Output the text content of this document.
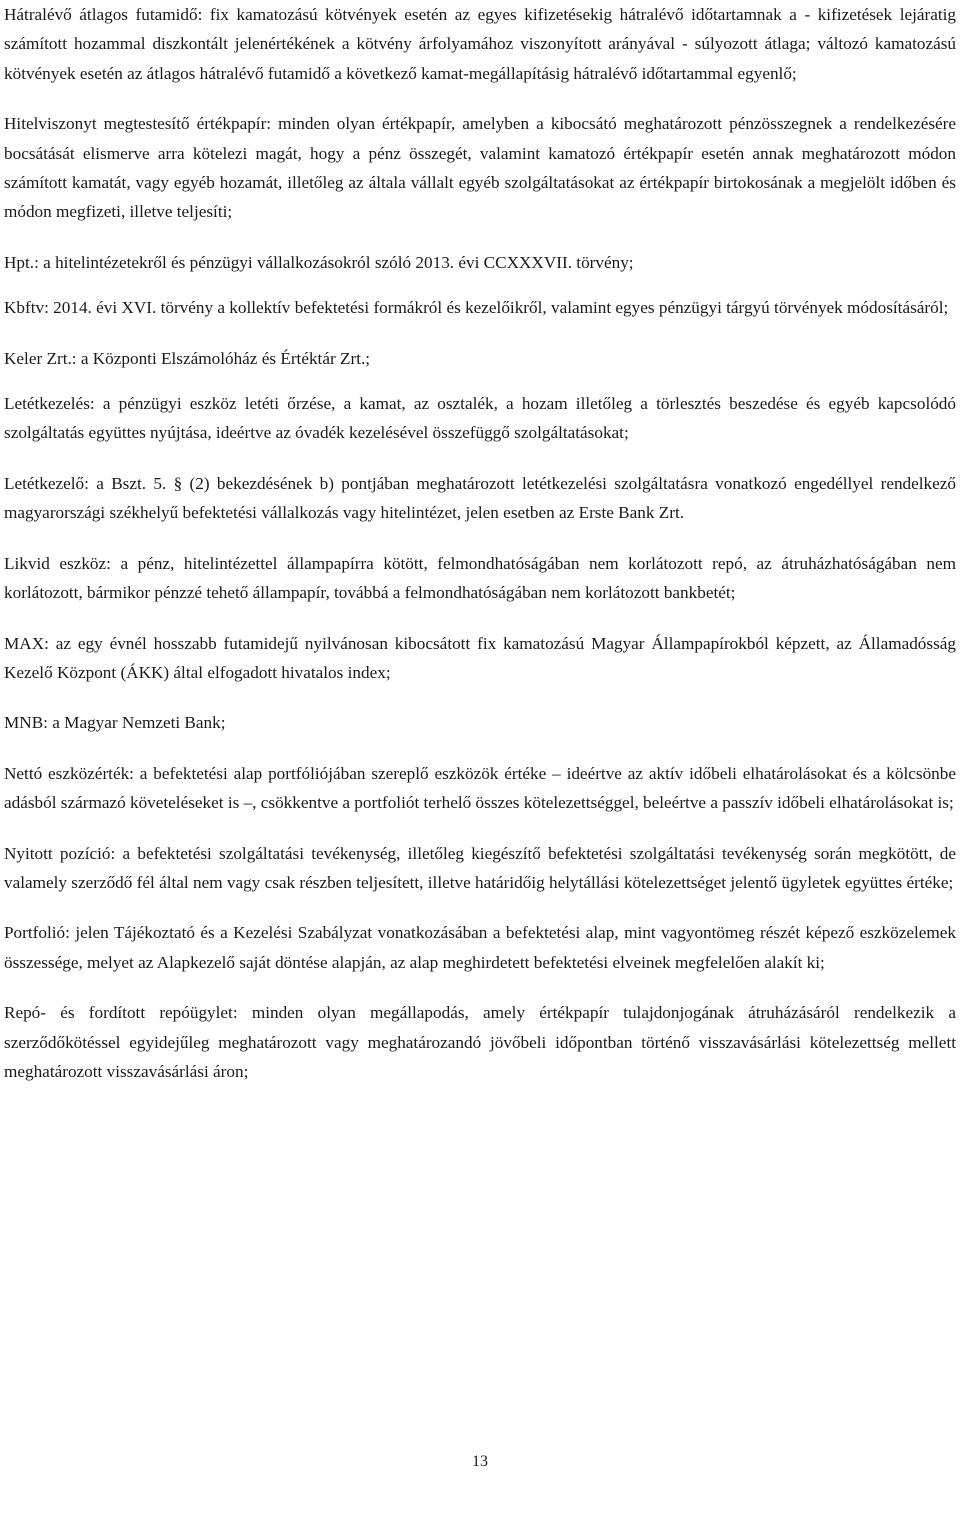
Hátralévő átlagos futamidő: fix kamatozású kötvények esetén az egyes kifizetésekig hátralévő időtartamnak a - kifizetések lejáratig számított hozammal diszkontált jelenértékének a kötvény árfolyamához viszonyított arányával - súlyozott átlaga; változó kamatozású kötvények esetén az átlagos hátralévő futamidő a következő kamat-megállapításig hátralévő időtartammal egyenlő;

Hitelviszonyt megtestesítő értékpapír: minden olyan értékpapír, amelyben a kibocsátó meghatározott pénzösszegnek a rendelkezésére bocsátását elismerve arra kötelezi magát, hogy a pénz összegét, valamint kamatozó értékpapír esetén annak meghatározott módon számított kamatát, vagy egyéb hozamát, illetőleg az általa vállalt egyéb szolgáltatásokat az értékpapír birtokosának a megjelölt időben és módon megfizeti, illetve teljesíti;

Hpt.: a hitelintézetekről és pénzügyi vállalkozásokról szóló 2013. évi CCXXXVII. törvény;

Kbftv: 2014. évi XVI. törvény a kollektív befektetési formákról és kezelőikről, valamint egyes pénzügyi tárgyú törvények módosításáról;

Keler Zrt.: a Központi Elszámolóház és Értéktár Zrt.;

Letétkezelés: a pénzügyi eszköz letéti őrzése, a kamat, az osztalék, a hozam illetőleg a törlesztés beszedése és egyéb kapcsolódó szolgáltatás együttes nyújtása, ideértve az óvadék kezelésével összefüggő szolgáltatásokat;

Letétkezelő: a Bszt. 5. § (2) bekezdésének b) pontjában meghatározott letétkezelési szolgáltatásra vonatkozó engedéllyel rendelkező magyarországi székhelyű befektetési vállalkozás vagy hitelintézet, jelen esetben az Erste Bank Zrt.

Likvid eszköz: a pénz, hitelintézettel állampapírra kötött, felmondhatóságában nem korlátozott repó, az átruházhatóságában nem korlátozott, bármikor pénzzé tehető állampapír, továbbá a felmondhatóságában nem korlátozott bankbetét;

MAX: az egy évnél hosszabb futamidejű nyilvánosan kibocsátott fix kamatozású Magyar Állampapírokból képzett, az Államadósság Kezelő Központ (ÁKK) által elfogadott hivatalos index;

MNB: a Magyar Nemzeti Bank;

Nettó eszközérték: a befektetési alap portfóliójában szereplő eszközök értéke – ideértve az aktív időbeli elhatárolásokat és a kölcsönbe adásból származó követeléseket is –, csökkentve a portfoliót terhelő összes kötelezettséggel, beleértve a passzív időbeli elhatárolásokat is;

Nyitott pozíció: a befektetési szolgáltatási tevékenység, illetőleg kiegészítő befektetési szolgáltatási tevékenység során megkötött, de valamely szerződő fél által nem vagy csak részben teljesített, illetve határidőig helytállási kötelezettséget jelentő ügyletek együttes értéke;

Portfolió: jelen Tájékoztató és a Kezelési Szabályzat vonatkozásában a befektetési alap, mint vagyontömeg részét képező eszközelemek összessége, melyet az Alapkezelő saját döntése alapján, az alap meghirdetett befektetési elveinek megfelelően alakít ki;

Repó- és fordított repóügylet: minden olyan megállapodás, amely értékpapír tulajdonjogának átruházásáról rendelkezik a szerződőkötéssel egyidejűleg meghatározott vagy meghatározandó jövőbeli időpontban történő visszavásárlási kötelezettség mellett meghatározott visszavásárlási áron;

13
